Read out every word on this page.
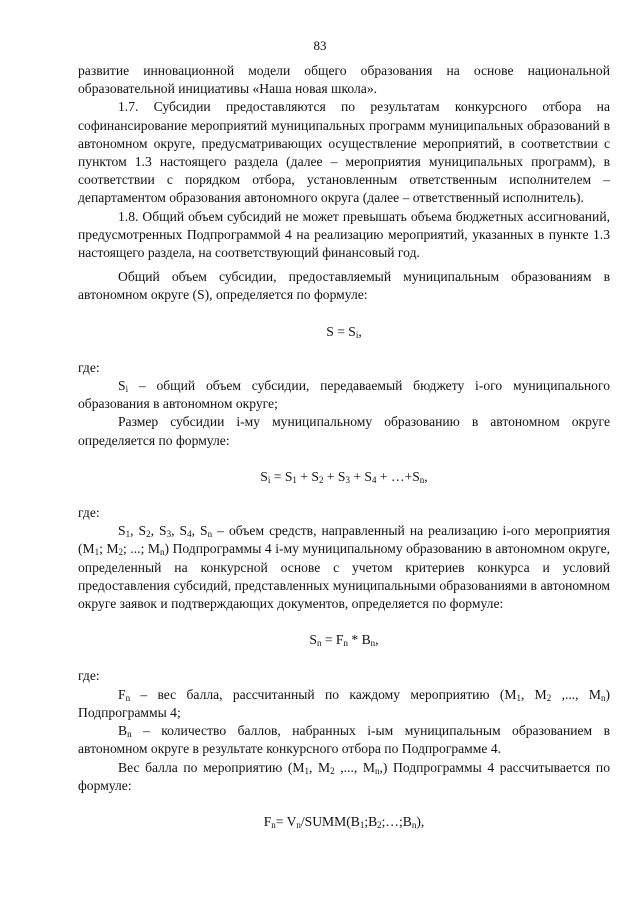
83

развитие инновационной модели общего образования на основе национальной образовательной инициативы «Наша новая школа».

1.7. Субсидии предоставляются по результатам конкурсного отбора на софинансирование мероприятий муниципальных программ муниципальных образований в автономном округе, предусматривающих осуществление мероприятий, в соответствии с пунктом 1.3 настоящего раздела (далее – мероприятия муниципальных программ), в соответствии с порядком отбора, установленным ответственным исполнителем – департаментом образования автономного округа (далее – ответственный исполнитель).

1.8. Общий объем субсидий не может превышать объема бюджетных ассигнований, предусмотренных Подпрограммой 4 на реализацию мероприятий, указанных в пункте 1.3 настоящего раздела, на соответствующий финансовый год.

Общий объем субсидии, предоставляемый муниципальным образованиям в автономном округе (S), определяется по формуле:

$S = S_i$,

где:

$S_i$ – общий объем субсидии, передаваемый бюджету i-ого муниципального образования в автономном округе;

Размер субсидии i-му муниципальному образованию в автономном округе определяется по формуле:

$S_i = S_1 + S_2 + S_3 + S_4$ + $\dots+S_n$,

где:

$S_1$, $S_2$, $S_3$, $S_4$, $S_n$ – объем средств, направленный на реализацию i-ого мероприятия ($M_1$; $M_2$; ...; $M_n$) Подпрограммы 4 i-му муниципальному образованию в автономном округе, определенный на конкурсной основе с учетом критериев конкурса и условий предоставления субсидий, представленных муниципальными образованиями в автономном округе заявок и подтверждающих документов, определяется по формуле:

$S_n = F_n * B_n$,

где:

$F_n$ – вес балла, рассчитанный по каждому мероприятию ($M_1$, $M_2$ ,..., $M_n$) Подпрограммы 4;

$B_n$ – количество баллов, набранных i-ым муниципальным образованием в автономном округе в результате конкурсного отбора по Подпрограмме 4.

Вес балла по мероприятию ($M_1$, $M_2$ ,..., $M_n$,) Подпрограммы 4 рассчитывается по формуле:

$F_n=$ $V_n/SUMM(B_1;B_2;\dots;B_n)$,
